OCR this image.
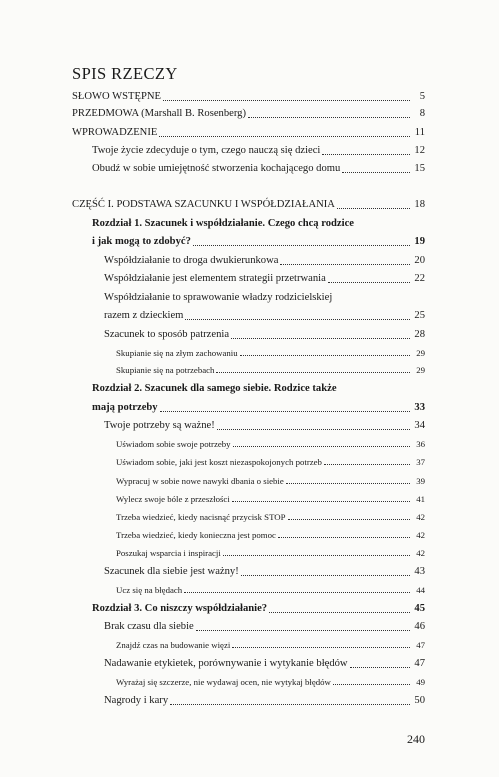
SPIS RZECZY
SŁOWO WSTĘPNE	5
PRZEDMOWA (Marshall B. Rosenberg)	8
WPROWADZENIE	11
Twoje życie zdecyduje o tym, czego nauczą się dzieci	12
Obudź w sobie umiejętność stworzenia kochającego domu	15
CZĘŚĆ I. PODSTAWA SZACUNKU I WSPÓŁDZIAŁANIA	18
Rozdział 1. Szacunek i współdziałanie. Czego chcą rodzice
i jak mogą to zdobyć?	19
Współdziałanie to droga dwukierunkowa	20
Współdziałanie jest elementem strategii przetrwania	22
Współdziałanie to sprawowanie władzy rodzicielskiej
razem z dzieckiem	25
Szacunek to sposób patrzenia	28
Skupianie się na złym zachowaniu	29
Skupianie się na potrzebach	29
Rozdział 2. Szacunek dla samego siebie. Rodzice także
mają potrzeby	33
Twoje potrzeby są ważne!	34
Uświadom sobie swoje potrzeby	36
Uświadom sobie, jaki jest koszt niezaspokojonych potrzeb	37
Wypracuj w sobie nowe nawyki dbania o siebie	39
Wylecz swoje bóle z przeszłości	41
Trzeba wiedzieć, kiedy nacisnąć przycisk STOP	42
Trzeba wiedzieć, kiedy konieczna jest pomoc	42
Poszukaj wsparcia i inspiracji	42
Szacunek dla siebie jest ważny!	43
Ucz się na błędach	44
Rozdział 3. Co niszczy współdziałanie?	45
Brak czasu dla siebie	46
Znajdź czas na budowanie więzi	47
Nadawanie etykietek, porównywanie i wytykanie błędów	47
Wyrażaj się szczerze, nie wydawaj ocen, nie wytykaj błędów	49
Nagrody i kary	50
240
